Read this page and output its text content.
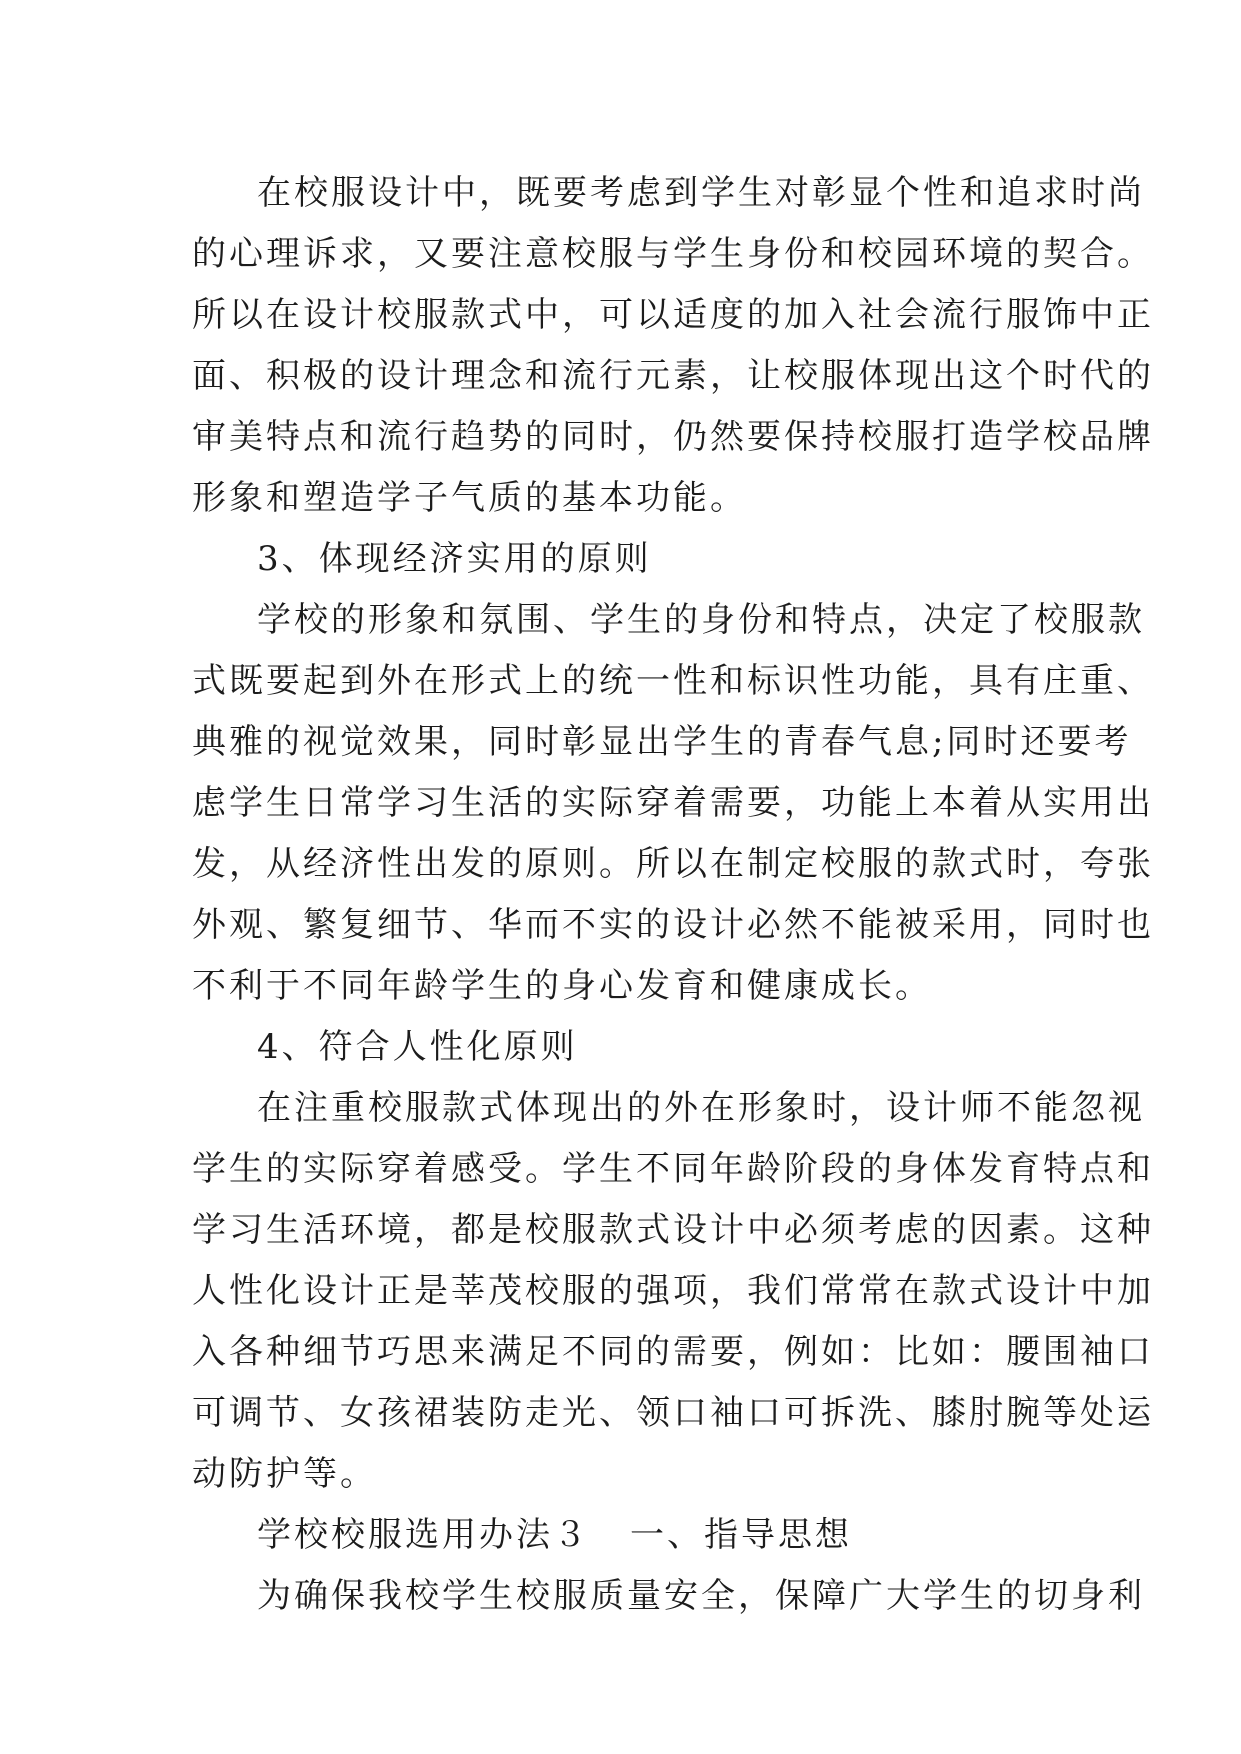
在校服设计中，既要考虑到学生对彰显个性和追求时尚
的心理诉求，又要注意校服与学生身份和校园环境的契合。
所以在设计校服款式中，可以适度的加入社会流行服饰中正
面、积极的设计理念和流行元素，让校服体现出这个时代的
审美特点和流行趋势的同时，仍然要保持校服打造学校品牌
形象和塑造学子气质的基本功能。
3、体现经济实用的原则
学校的形象和氛围、学生的身份和特点，决定了校服款
式既要起到外在形式上的统一性和标识性功能，具有庄重、
典雅的视觉效果，同时彰显出学生的青春气息;同时还要考
虑学生日常学习生活的实际穿着需要，功能上本着从实用出
发，从经济性出发的原则。所以在制定校服的款式时，夸张
外观、繁复细节、华而不实的设计必然不能被采用，同时也
不利于不同年龄学生的身心发育和健康成长。
4、符合人性化原则
在注重校服款式体现出的外在形象时，设计师不能忽视
学生的实际穿着感受。学生不同年龄阶段的身体发育特点和
学习生活环境，都是校服款式设计中必须考虑的因素。这种
人性化设计正是莘茂校服的强项，我们常常在款式设计中加
入各种细节巧思来满足不同的需要，例如：比如：腰围袖口
可调节、女孩裙装防走光、领口袖口可拆洗、膝肘腕等处运
动防护等。
学校校服选用办法３ 一、指导思想
为确保我校学生校服质量安全，保障广大学生的切身利
